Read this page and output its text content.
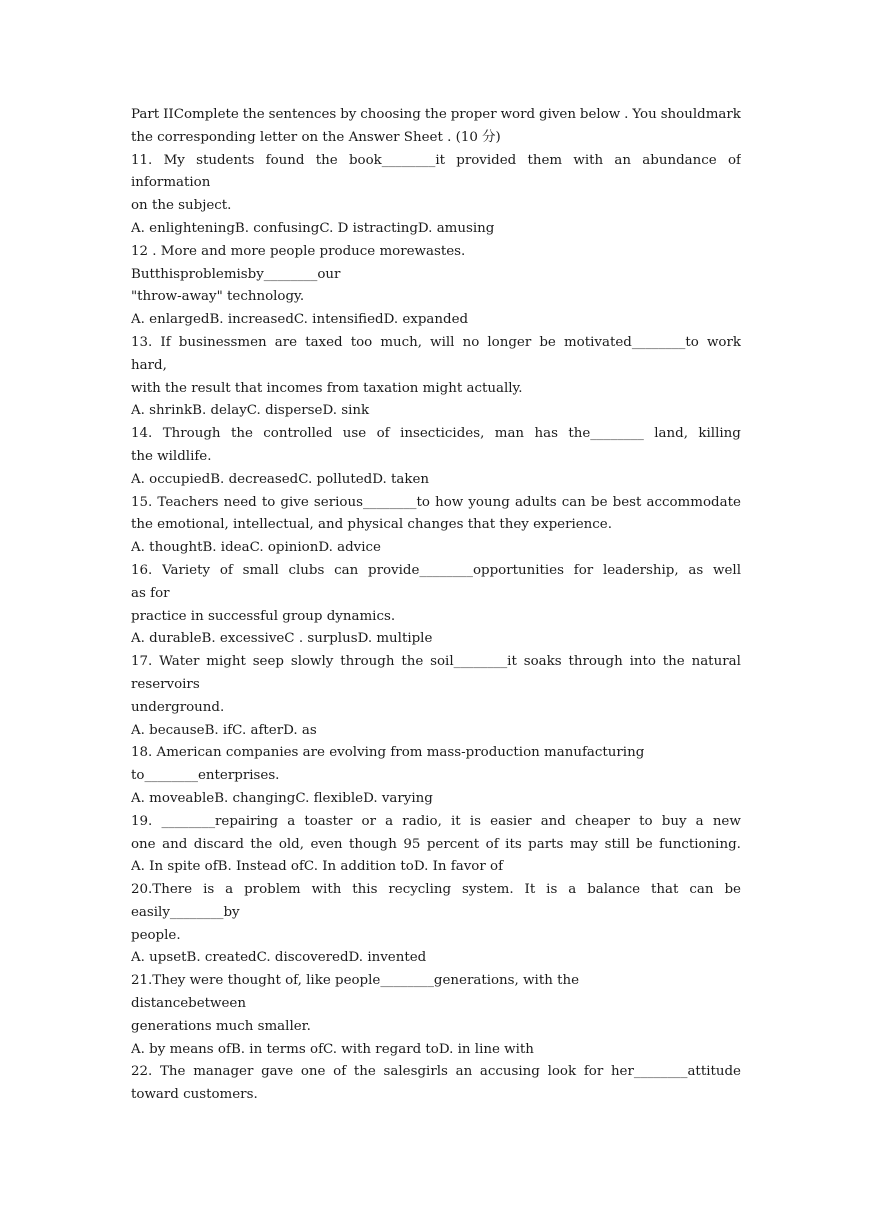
Part IIComplete the sentences by choosing the proper word given below . You shouldmark
the corresponding letter on the Answer Sheet . (10 分)
11. My students found the book________it provided them with an abundance of
information
on the subject.
A. enlighteningB. confusingC. D istractingD. amusing
12 . More and more people produce morewastes.
Butthisproblemisby________our
"throw-away" technology.
A. enlargedB. increasedC. intensifiedD. expanded
13. If businessmen are taxed too much, will no longer be motivated________to work
hard,
with the result that incomes from taxation might actually.
A. shrinkB. delayC. disperseD. sink
14. Through the controlled use of insecticides, man has the________ land, killing
the wildlife.
A. occupiedB. decreasedC. pollutedD. taken
15. Teachers need to give serious________to how young adults can be best accommodate
the emotional, intellectual, and physical changes that they experience.
A. thoughtB. ideaC. opinionD. advice
16. Variety of small clubs can provide________opportunities for leadership, as well
as for
practice in successful group dynamics.
A. durableB. excessiveC . surplusD. multiple
17. Water might seep slowly through the soil________it soaks through into the natural
reservoirs
underground.
A. becauseB. ifC. afterD. as
18. American companies are evolving from mass-production manufacturing
to________enterprises.
A. moveableB. changingC. flexibleD. varying
19. ________repairing a toaster or a radio, it is easier and cheaper to buy a new
one and discard the old, even though 95 percent of its parts may still be functioning.
A. In spite ofB. Instead ofC. In addition toD. In favor of
20.There is a problem with this recycling system. It is a balance that can be
easily________by
people.
A. upsetB. createdC. discoveredD. invented
21.They were thought of, like people________generations, with the
distancebetween
generations much smaller.
A. by means ofB. in terms ofC. with regard toD. in line with
22. The manager gave one of the salesgirls an accusing look for her________attitude
toward customers.
